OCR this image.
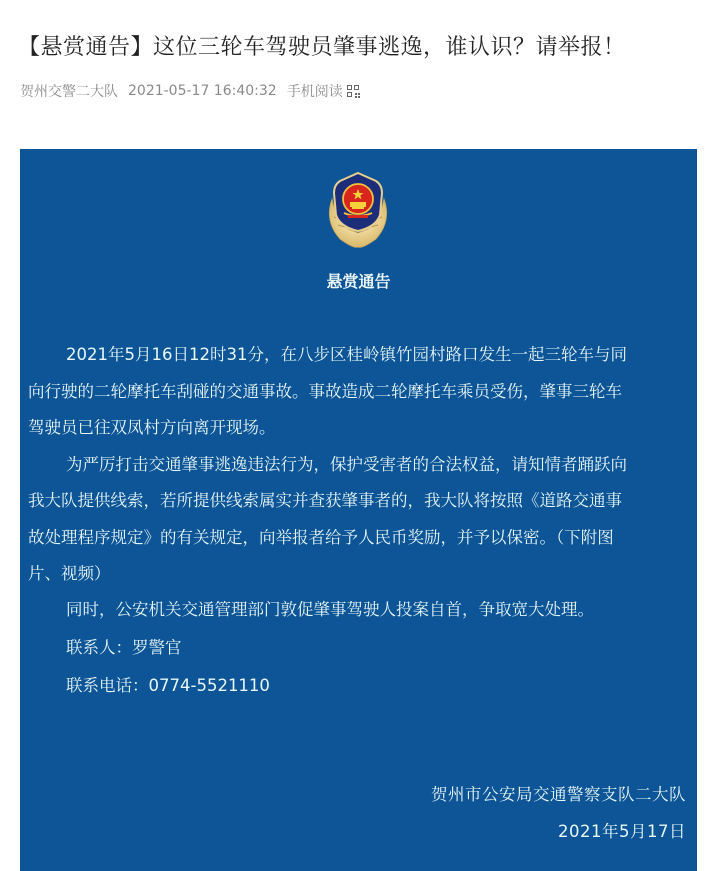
【悬赏通告】这位三轮车驾驶员肇事逃逸，谁认识？请举报！
贺州交警二大队 2021-05-17 16:40:32 手机阅读
悬赏通告

2021年5月16日12时31分，在八步区桂岭镇竹园村路口发生一起三轮车与同
向行驶的二轮摩托车刮碰的交通事故。事故造成二轮摩托车乘员受伤，肇事三轮车
驾驶员已往双凤村方向离开现场。

为严厉打击交通肇事逃逸违法行为，保护受害者的合法权益，请知情者踊跃向
我大队提供线索，若所提供线索属实并查获肇事者的，我大队将按照《道路交通事
故处理程序规定》的有关规定，向举报者给予人民币奖励，并予以保密。（下附图
片、视频）

同时，公安机关交通管理部门敦促肇事驾驶人投案自首，争取宽大处理。
联系人：罗警官
联系电话：0774-5521110
贺州市公安局交通警察支队二大队
2021年5月17日
